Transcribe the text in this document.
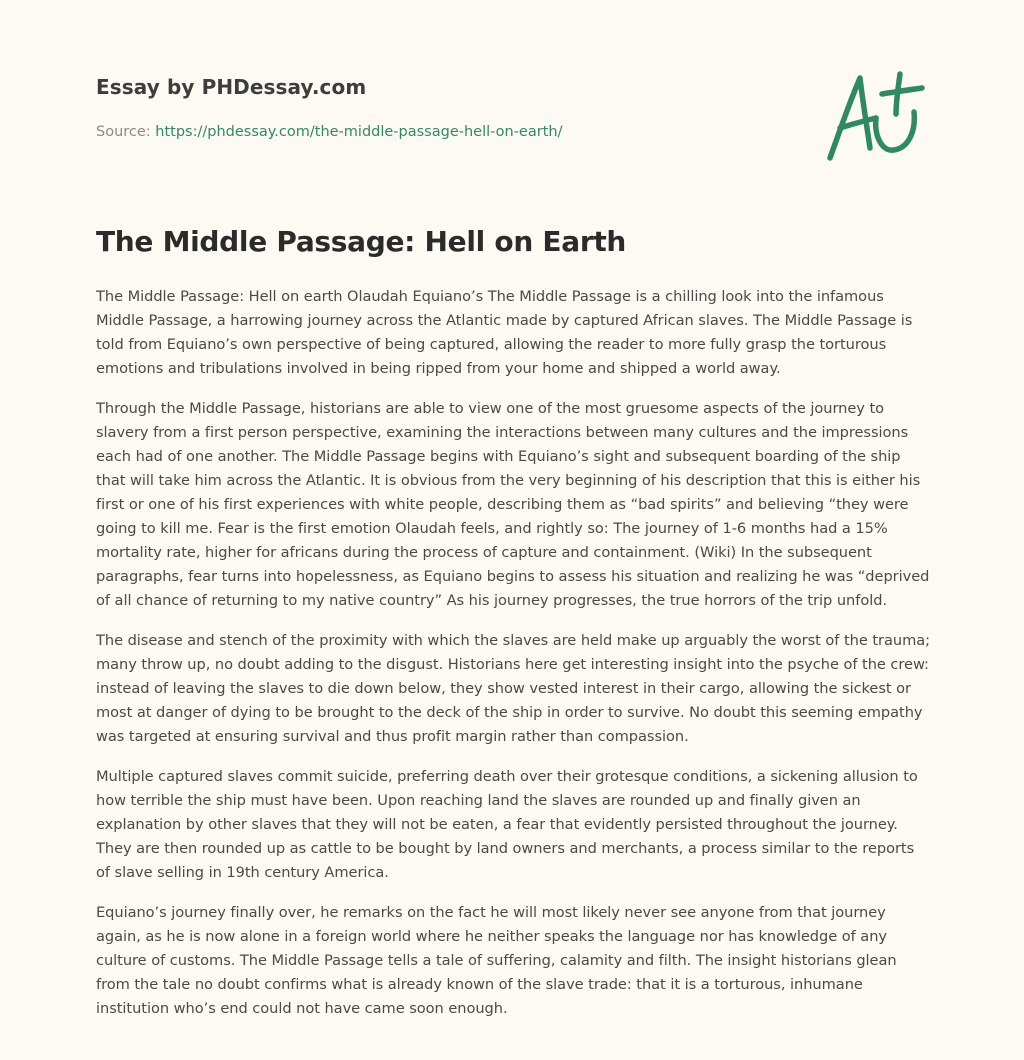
Essay by PHDessay.com
Source: https://phdessay.com/the-middle-passage-hell-on-earth/
The Middle Passage: Hell on Earth

The Middle Passage: Hell on earth Olaudah Equiano’s The Middle Passage is a chilling look into the infamous Middle Passage, a harrowing journey across the Atlantic made by captured African slaves. The Middle Passage is told from Equiano’s own perspective of being captured, allowing the reader to more fully grasp the torturous emotions and tribulations involved in being ripped from your home and shipped a world away.

Through the Middle Passage, historians are able to view one of the most gruesome aspects of the journey to slavery from a first person perspective, examining the interactions between many cultures and the impressions each had of one another. The Middle Passage begins with Equiano’s sight and subsequent boarding of the ship that will take him across the Atlantic. It is obvious from the very beginning of his description that this is either his first or one of his first experiences with white people, describing them as “bad spirits” and believing “they were going to kill me. Fear is the first emotion Olaudah feels, and rightly so: The journey of 1-6 months had a 15% mortality rate, higher for africans during the process of capture and containment. (Wiki) In the subsequent paragraphs, fear turns into hopelessness, as Equiano begins to assess his situation and realizing he was “deprived of all chance of returning to my native country” As his journey progresses, the true horrors of the trip unfold.

The disease and stench of the proximity with which the slaves are held make up arguably the worst of the trauma; many throw up, no doubt adding to the disgust. Historians here get interesting insight into the psyche of the crew: instead of leaving the slaves to die down below, they show vested interest in their cargo, allowing the sickest or most at danger of dying to be brought to the deck of the ship in order to survive. No doubt this seeming empathy was targeted at ensuring survival and thus profit margin rather than compassion.

Multiple captured slaves commit suicide, preferring death over their grotesque conditions, a sickening allusion to how terrible the ship must have been. Upon reaching land the slaves are rounded up and finally given an explanation by other slaves that they will not be eaten, a fear that evidently persisted throughout the journey. They are then rounded up as cattle to be bought by land owners and merchants, a process similar to the reports of slave selling in 19th century America.

Equiano’s journey finally over, he remarks on the fact he will most likely never see anyone from that journey again, as he is now alone in a foreign world where he neither speaks the language nor has knowledge of any culture of customs. The Middle Passage tells a tale of suffering, calamity and filth. The insight historians glean from the tale no doubt confirms what is already known of the slave trade: that it is a torturous, inhumane institution who’s end could not have came soon enough.
